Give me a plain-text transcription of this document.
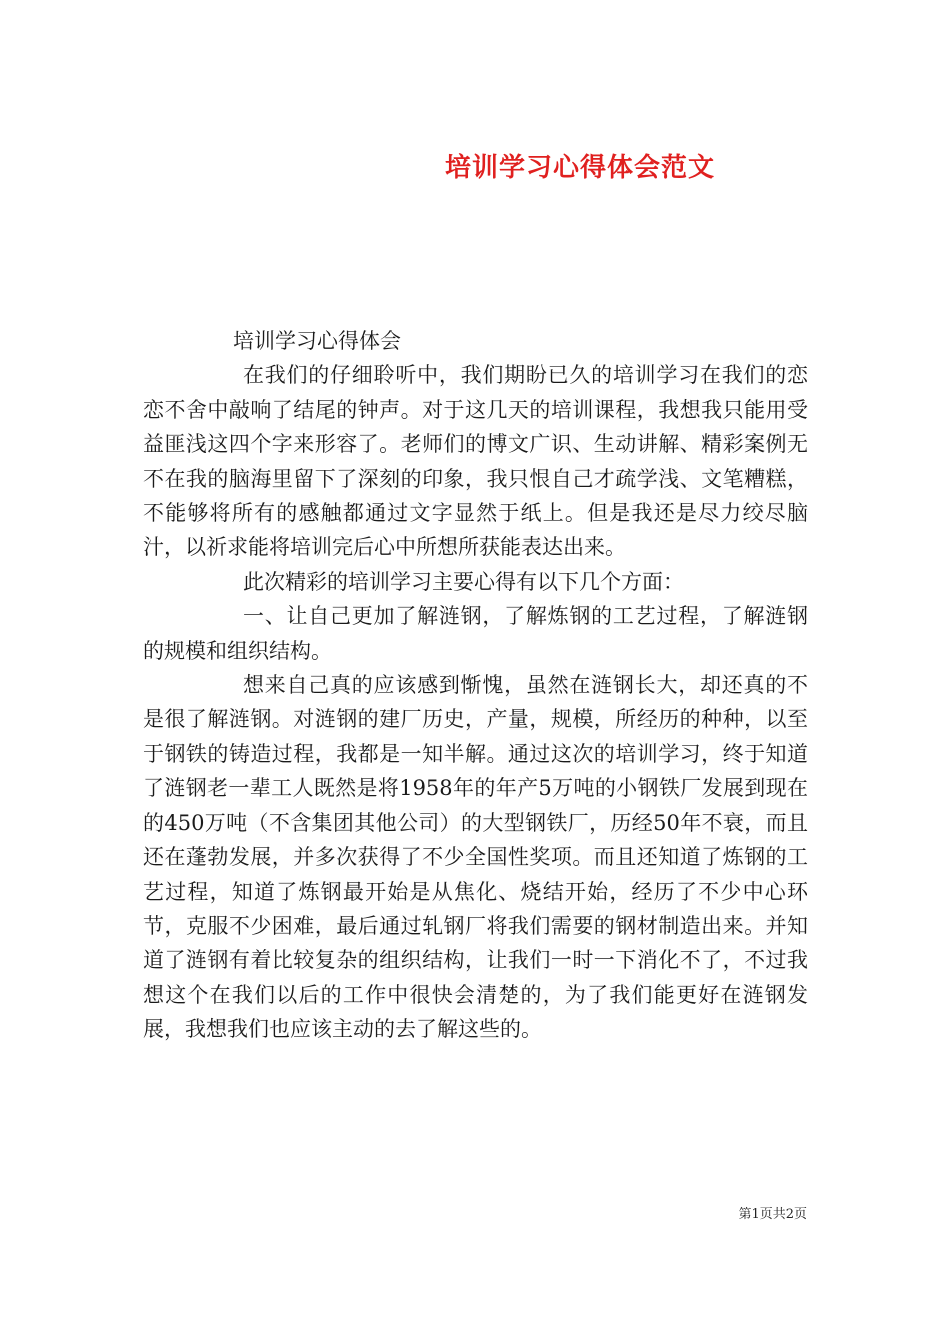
培训学习心得体会范文

培训学习心得体会

在我们的仔细聆听中，我们期盼已久的培训学习在我们的恋恋不舍中敲响了结尾的钟声。对于这几天的培训课程，我想我只能用受益匪浅这四个字来形容了。老师们的博文广识、生动讲解、精彩案例无不在我的脑海里留下了深刻的印象，我只恨自己才疏学浅、文笔糟糕，不能够将所有的感触都通过文字显然于纸上。但是我还是尽力绞尽脑汁，以祈求能将培训完后心中所想所获能表达出来。

此次精彩的培训学习主要心得有以下几个方面：

一、让自己更加了解涟钢，了解炼钢的工艺过程，了解涟钢的规模和组织结构。

想来自己真的应该感到惭愧，虽然在涟钢长大，却还真的不是很了解涟钢。对涟钢的建厂历史，产量，规模，所经历的种种，以至于钢铁的铸造过程，我都是一知半解。通过这次的培训学习，终于知道了涟钢老一辈工人既然是将1958年的年产5万吨的小钢铁厂发展到现在的450万吨（不含集团其他公司）的大型钢铁厂，历经50年不衰，而且还在蓬勃发展，并多次获得了不少全国性奖项。而且还知道了炼钢的工艺过程，知道了炼钢最开始是从焦化、烧结开始，经历了不少中心环节，克服不少困难，最后通过轧钢厂将我们需要的钢材制造出来。并知道了涟钢有着比较复杂的组织结构，让我们一时一下消化不了，不过我想这个在我们以后的工作中很快会清楚的，为了我们能更好在涟钢发展，我想我们也应该主动的去了解这些的。

第1页共2页
